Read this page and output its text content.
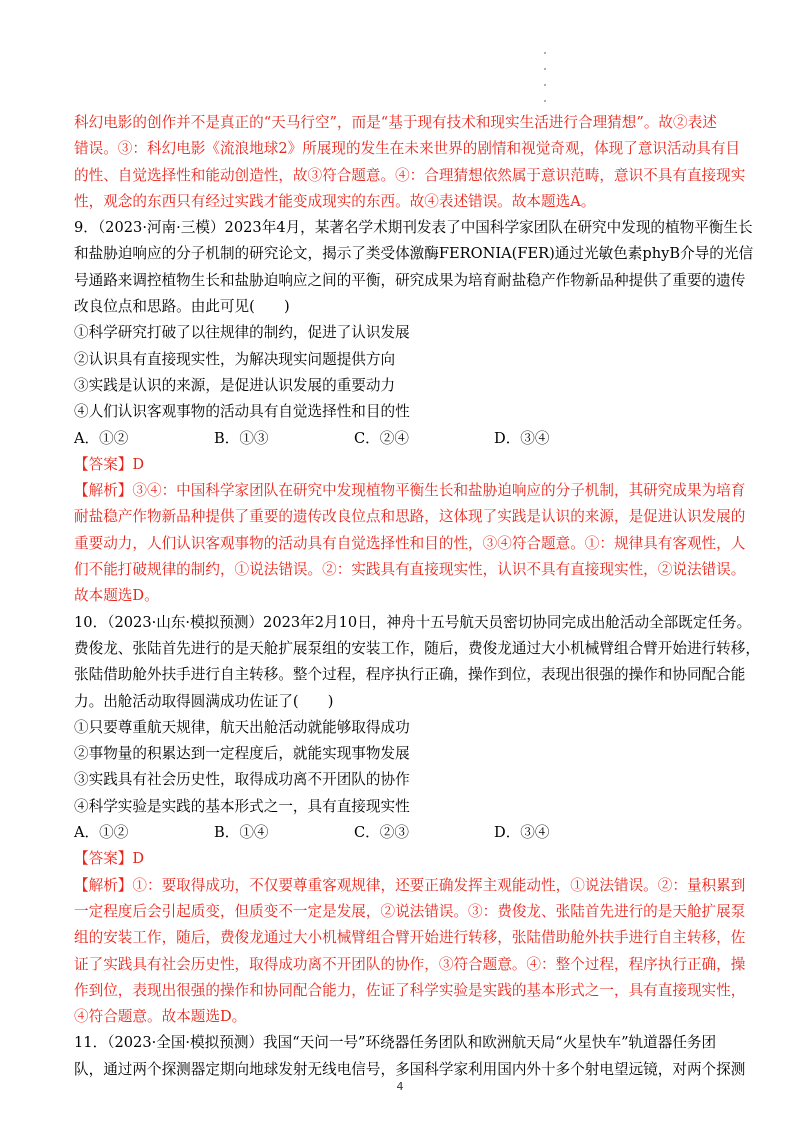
科幻电影的创作并不是真正的“天马行空”，而是“基于现有技术和现实生活进行合理猜想”。故②表述
错误。③：科幻电影《流浪地球2》所展现的发生在未来世界的剧情和视觉奇观，体现了意识活动具有目
的性、自觉选择性和能动创造性，故③符合题意。④：合理猜想依然属于意识范畴，意识不具有直接现实
性，观念的东西只有经过实践才能变成现实的东西。故④表述错误。故本题选A。
9．（2023·河南·三模）2023年4月，某著名学术期刊发表了中国科学家团队在研究中发现的植物平衡生长
和盐胁迫响应的分子机制的研究论文，揭示了类受体激酶FERONIA(FER)通过光敏色素phyB介导的光信
号通路来调控植物生长和盐胁迫响应之间的平衡，研究成果为培育耐盐稳产作物新品种提供了重要的遗传
改良位点和思路。由此可见(　　)
①科学研究打破了以往规律的制约，促进了认识发展
②认识具有直接现实性，为解决现实问题提供方向
③实践是认识的来源，是促进认识发展的重要动力
④人们认识客观事物的活动具有自觉选择性和目的性
A．①②	B．①③	C．②④	D．③④
【答案】D
【解析】③④：中国科学家团队在研究中发现植物平衡生长和盐胁迫响应的分子机制，其研究成果为培育
耐盐稳产作物新品种提供了重要的遗传改良位点和思路，这体现了实践是认识的来源，是促进认识发展的
重要动力，人们认识客观事物的活动具有自觉选择性和目的性，③④符合题意。①：规律具有客观性，人
们不能打破规律的制约，①说法错误。②：实践具有直接现实性，认识不具有直接现实性，②说法错误。
故本题选D。
10．（2023·山东·模拟预测）2023年2月10日，神舟十五号航天员密切协同完成出舱活动全部既定任务。
费俊龙、张陆首先进行的是天舱扩展泵组的安装工作，随后，费俊龙通过大小机械臂组合臂开始进行转移，
张陆借助舱外扶手进行自主转移。整个过程，程序执行正确，操作到位，表现出很强的操作和协同配合能
力。出舱活动取得圆满成功佐证了(　　)
①只要尊重航天规律，航天出舱活动就能够取得成功
②事物量的积累达到一定程度后，就能实现事物发展
③实践具有社会历史性，取得成功离不开团队的协作
④科学实验是实践的基本形式之一，具有直接现实性
A．①②	B．①④	C．②③	D．③④
【答案】D
【解析】①：要取得成功，不仅要尊重客观规律，还要正确发挥主观能动性，①说法错误。②：量积累到
一定程度后会引起质变，但质变不一定是发展，②说法错误。③：费俊龙、张陆首先进行的是天舱扩展泵
组的安装工作，随后，费俊龙通过大小机械臂组合臂开始进行转移，张陆借助舱外扶手进行自主转移，佐
证了实践具有社会历史性，取得成功离不开团队的协作，③符合题意。④：整个过程，程序执行正确，操
作到位，表现出很强的操作和协同配合能力，佐证了科学实验是实践的基本形式之一，具有直接现实性，
④符合题意。故本题选D。
11．（2023·全国·模拟预测）我国“天问一号”环绕器任务团队和欧洲航天局“火星快车”轨道器任务团
队，通过两个探测器定期向地球发射无线电信号，多国科学家利用国内外十多个射电望远镜，对两个探测
4
